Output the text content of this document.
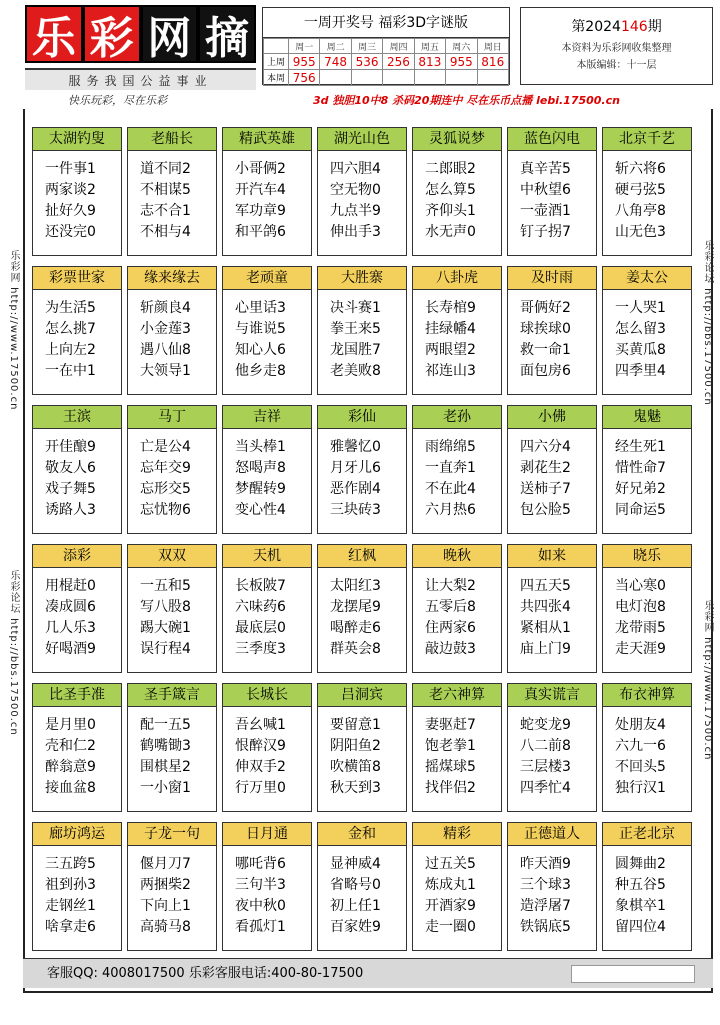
乐 彩 网 摘
服务我国公益事业
一周开奖号 福彩3D字谜版
	周一	周二	周三	周四	周五	周六	周日
上周	955	748	536	256	813	955	816
本周	756						
第2024146期
本资料为乐彩网收集整理
本版编辑：十一层
快乐玩彩，尽在乐彩	3d 独胆10中8 杀码20期连中 尽在乐币点播 lebi.17500.cn
乐彩网 http://www.17500.cn
乐彩论坛 http://bbs.17500.cn
乐彩论坛 http://bbs.17500.cn
乐彩网 http://www.17500.cn
太湖钓叟
一件事1
两家谈2
扯好久9
还没完0
老船长
道不同2
不相谋5
志不合1
不相与4
精武英雄
小哥俩2
开汽车4
军功章9
和平鸽6
湖光山色
四六胆4
空无物0
九点半9
伸出手3
灵狐说梦
二郎眼2
怎么算5
齐仰头1
水无声0
蓝色闪电
真辛苦5
中秋望6
一壶酒1
钉子拐7
北京千艺
斩六将6
硬弓弦5
八角亭8
山无色3
彩票世家
为生活5
怎么挑7
上向左2
一在中1
缘来缘去
斩颜良4
小金莲3
遇八仙8
大领导1
老顽童
心里话3
与谁说5
知心人6
他乡走8
大胜寨
决斗赛1
拳王来5
龙国胜7
老美败8
八卦虎
长寿棺9
挂绿幡4
两眼望2
祁连山3
及时雨
哥俩好2
球挨球0
救一命1
面包房6
姜太公
一人哭1
怎么留3
买黄瓜8
四季里4
王滨
开佳酿9
敬友人6
戏子舞5
诱路人3
马丁
亡是公4
忘年交9
忘形交5
忘忧物6
吉祥
当头棒1
怒喝声8
梦醒转9
变心性4
彩仙
雅馨忆0
月牙儿6
恶作剧4
三块砖3
老孙
雨绵绵5
一直奔1
不在此4
六月热6
小佛
四六分4
剥花生2
送柿子7
包公脸5
鬼魅
经生死1
惜性命7
好兄弟2
同命运5
添彩
用棍赶0
凑成圆6
几人乐3
好喝酒9
双双
一五和5
写八股8
踢大碗1
误行程4
天机
长板陂7
六味药6
最底层0
三季度3
红枫
太阳红3
龙摆尾9
喝醉走6
群英会8
晚秋
让大梨2
五零后8
住两家6
敲边鼓3
如来
四五天5
共四张4
紧相从1
庙上门9
晓乐
当心寒0
电灯泡8
龙带雨5
走天涯9
比圣手准
是月里0
壳和仁2
醉翁意9
接血盆8
圣手箴言
配一五5
鹤嘴锄3
围棋星2
一小窗1
长城长
吾幺喊1
恨醉汉9
伸双手2
行万里0
吕洞宾
要留意1
阴阳鱼2
吹横笛8
秋天到3
老六神算
妻驱赶7
饱老拳1
摇煤球5
找伴侣2
真实谎言
蛇变龙9
八二前8
三层楼3
四季忙4
布衣神算
处朋友4
六九一6
不回头5
独行汉1
廊坊鸿运
三五跨5
祖到孙3
走钢丝1
啥拿走6
子龙一句
偃月刀7
两捆柴2
下向上1
高骑马8
日月通
哪吒背6
三句半3
夜中秋0
看孤灯1
金和
显神威4
省略号0
初上任1
百家姓9
精彩
过五关5
炼成丸1
开酒家9
走一圈0
正德道人
昨天酒9
三个球3
造浮屠7
铁锅底5
正老北京
圆舞曲2
种五谷5
象棋卒1
留四位4
客服QQ: 4008017500 乐彩客服电话:400-80-17500
